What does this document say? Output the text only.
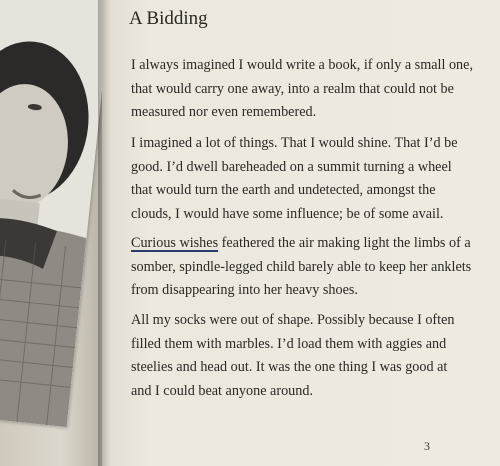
A Bidding
I always imagined I would write a book, if only a small one,
that would carry one away, into a realm that could not be
measured nor even remembered.
I imagined a lot of things. That I would shine. That I’d be
good. I’d dwell bareheaded on a summit turning a wheel
that would turn the earth and undetected, amongst the
clouds, I would have some influence; be of some avail.
Curious wishes feathered the air making light the limbs of a
somber, spindle-legged child barely able to keep her anklets
from disappearing into her heavy shoes.
All my socks were out of shape. Possibly because I often
filled them with marbles. I’d load them with aggies and
steelies and head out. It was the one thing I was good at
and I could beat anyone around.
3
